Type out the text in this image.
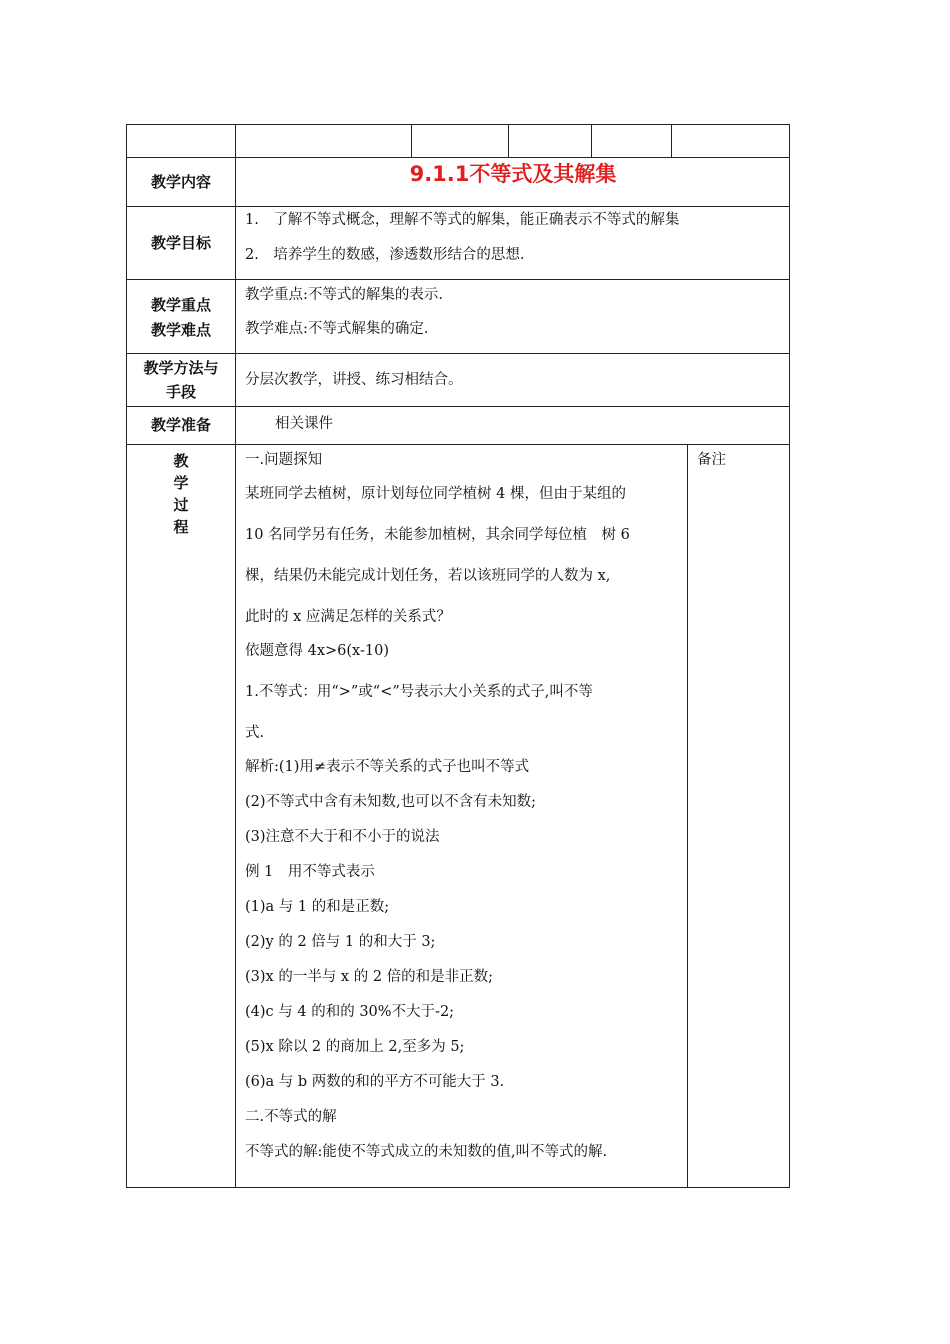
教学内容	9.1.1不等式及其解集
教学目标
1.　了解不等式概念，理解不等式的解集，能正确表示不等式的解集
2.　培养学生的数感，渗透数形结合的思想.
教学重点
教学难点
教学重点:不等式的解集的表示.
教学难点:不等式解集的确定.
教学方法与
手段
分层次教学，讲授、练习相结合。
教学准备	相关课件
教
学
过
程
备注

一.问题探知

某班同学去植树，原计划每位同学植树 4 棵，但由于某组的

10 名同学另有任务，未能参加植树，其余同学每位植　树 6

棵，结果仍未能完成计划任务，若以该班同学的人数为 x,

此时的 x 应满足怎样的关系式？

依题意得 4x>6(x-10)

1.不等式：用“>”或“<”号表示大小关系的式子,叫不等

式.

解析:(1)用≠表示不等关系的式子也叫不等式

(2)不等式中含有未知数,也可以不含有未知数;

(3)注意不大于和不小于的说法

例 1　用不等式表示

(1)a 与 1 的和是正数;

(2)y 的 2 倍与 1 的和大于 3;

(3)x 的一半与 x 的 2 倍的和是非正数;

(4)c 与 4 的和的 30%不大于-2;

(5)x 除以 2 的商加上 2,至多为 5;

(6)a 与 b 两数的和的平方不可能大于 3.

二.不等式的解

不等式的解:能使不等式成立的未知数的值,叫不等式的解.
